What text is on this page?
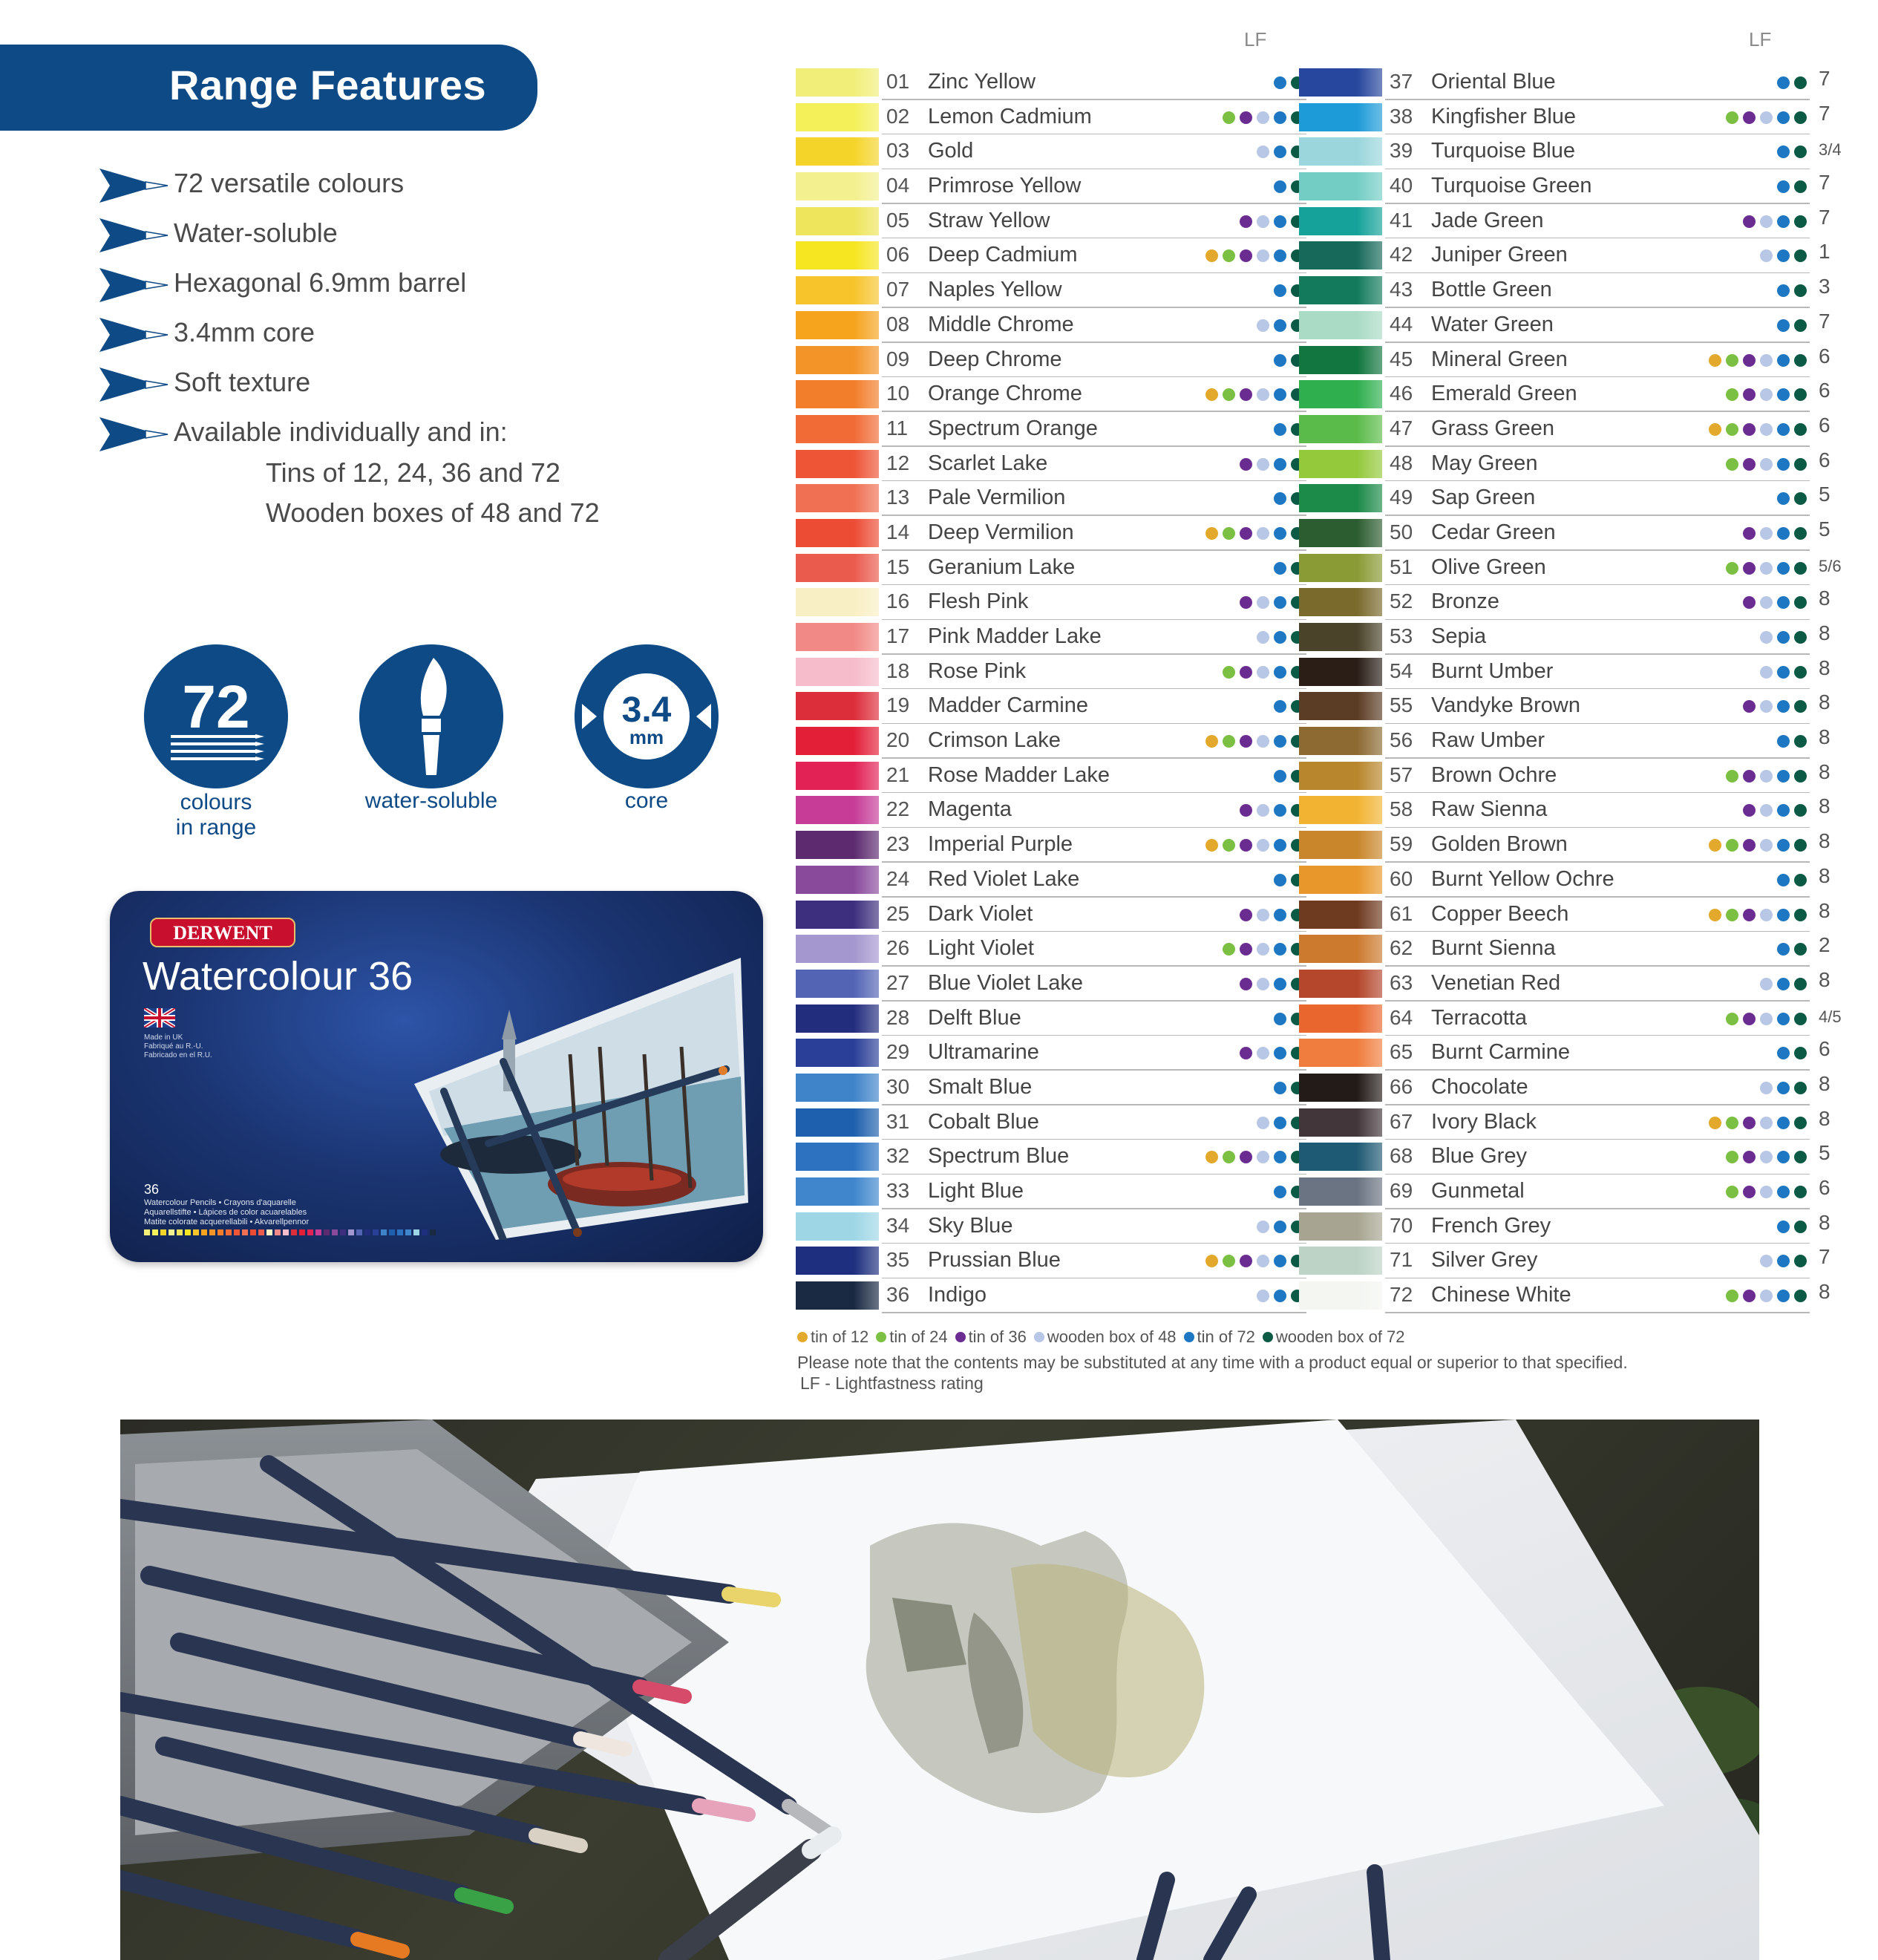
Range Features
72 versatile colours
Water-soluble
Hexagonal 6.9mm barrel
3.4mm core
Soft texture
Available individually and in:
Tins of 12, 24, 36 and 72
Wooden boxes of 48 and 72
72
colours
in range
water-soluble
3.4
mm
core
DERWENT
Watercolour 36
Made in UK
Fabriqué au R.-U.
Fabricado en el R.U.
36
Watercolour Pencils • Crayons d'aquarelle
Aquarellstifte • Lápices de color acuarelables
Matite colorate acquerellabili • Akvarellpennor
LF	LF
01 Zinc Yellow
02 Lemon Cadmium
03 Gold
04 Primrose Yellow
05 Straw Yellow
06 Deep Cadmium
07 Naples Yellow
08 Middle Chrome
09 Deep Chrome
10 Orange Chrome
11 Spectrum Orange
12 Scarlet Lake
13 Pale Vermilion
14 Deep Vermilion
15 Geranium Lake
16 Flesh Pink
17 Pink Madder Lake
18 Rose Pink
19 Madder Carmine
20 Crimson Lake
21 Rose Madder Lake
22 Magenta
23 Imperial Purple
24 Red Violet Lake
25 Dark Violet
26 Light Violet
27 Blue Violet Lake
28 Delft Blue
29 Ultramarine
30 Smalt Blue
31 Cobalt Blue
32 Spectrum Blue
33 Light Blue
34 Sky Blue
35 Prussian Blue
36 Indigo
37 Oriental Blue	7
38 Kingfisher Blue	7
39 Turquoise Blue	3/4
40 Turquoise Green	7
41 Jade Green	7
42 Juniper Green	1
43 Bottle Green	3
44 Water Green	7
45 Mineral Green	6
46 Emerald Green	6
47 Grass Green	6
48 May Green	6
49 Sap Green	5
50 Cedar Green	5
51 Olive Green	5/6
52 Bronze	8
53 Sepia	8
54 Burnt Umber	8
55 Vandyke Brown	8
56 Raw Umber	8
57 Brown Ochre	8
58 Raw Sienna	8
59 Golden Brown	8
60 Burnt Yellow Ochre	8
61 Copper Beech	8
62 Burnt Sienna	2
63 Venetian Red	8
64 Terracotta	4/5
65 Burnt Carmine	6
66 Chocolate	8
67 Ivory Black	8
68 Blue Grey	5
69 Gunmetal	6
70 French Grey	8
71 Silver Grey	7
72 Chinese White	8
tin of 12 tin of 24 tin of 36 wooden box of 48 tin of 72 wooden box of 72
Please note that the contents may be substituted at any time with a product equal or superior to that specified.
LF - Lightfastness rating
